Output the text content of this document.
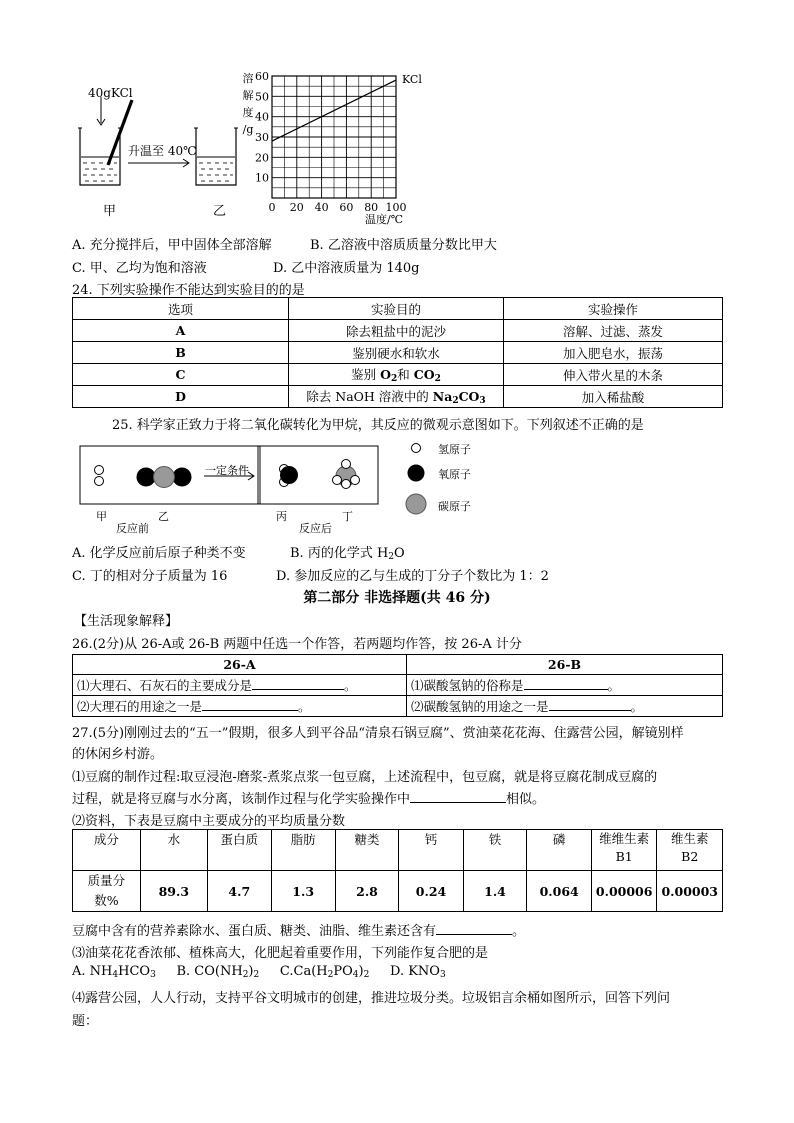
40gKCl
升温至 40℃
甲	乙	0 20 40 60 80 100
10
20
30
40
50
60	KCl
溶
解
度
/g
温度/℃
A. 充分搅拌后，甲中固体全部溶解	B. 乙溶液中溶质质量分数比甲大
C. 甲、乙均为饱和溶液	D. 乙中溶液质量为 140g
24. 下列实验操作不能达到实验目的的是
选项	实验目的	实验操作
A	除去粗盐中的泥沙	溶解、过滤、蒸发
B	鉴别硬水和软水	加入肥皂水，振荡
C	鉴别 $O_2$和 $CO_2$	伸入带火星的木条
D	除去 NaOH 溶液中的 $Na_2CO_3$	加入稀盐酸
25. 科学家正致力于将二氧化碳转化为甲烷，其反应的微观示意图如下。下列叙述不正确的是
一定条件
氢原子
氧原子
碳原子
甲	乙	丙	丁
反应前	反应后
A. 化学反应前后原子种类不变	B. 丙的化学式 $H_2O$
C. 丁的相对分子质量为 16	D. 参加反应的乙与生成的丁分子个数比为 1：2
第二部分 非选择题(共 46 分)
【生活现象解释】
26.(2分)从 26-A或 26-B 两题中任选一个作答，若两题均作答，按 26-A 计分
26-A	26-B
⑴大理石、石灰石的主要成分是 。	⑴碳酸氢钠的俗称是 。
⑵大理石的用途之一是 。	⑵碳酸氢钠的用途之一是 。
27.(5分)刚刚过去的“五一”假期，很多人到平谷品“清泉石锅豆腐”、赏油菜花花海、住露营公园，解镜别样
的休闲乡村游。
⑴豆腐的制作过程:取豆浸泡-磨浆-煮浆点浆一包豆腐，上述流程中，包豆腐，就是将豆腐花制成豆腐的
过程，就是将豆腐与水分离，该制作过程与化学实验操作中	相似。
⑵资料，下表是豆腐中主要成分的平均质量分数
成分	水	蛋白质	脂肪	糖类	钙	铁	磷	维维生素 B1	维生素 B2
质量分数%	89.3	4.7	1.3	2.8	0.24	1.4	0.064	0.00006	0.00003
豆腐中含有的营养素除水、蛋白质、糖类、油脂、维生素还含有	。
⑶油菜花花香浓郁、植株高大，化肥起着重要作用，下列能作复合肥的是
A. $NH_4HCO_3$ B. $CO(NH_2)_2$ $C.Ca(H_2PO_4)_2$ D. $KNO_3$
⑷露营公园，人人行动，支持平谷文明城市的创建，推进垃圾分类。垃圾铝言余桶如图所示，回答下列问
题：
